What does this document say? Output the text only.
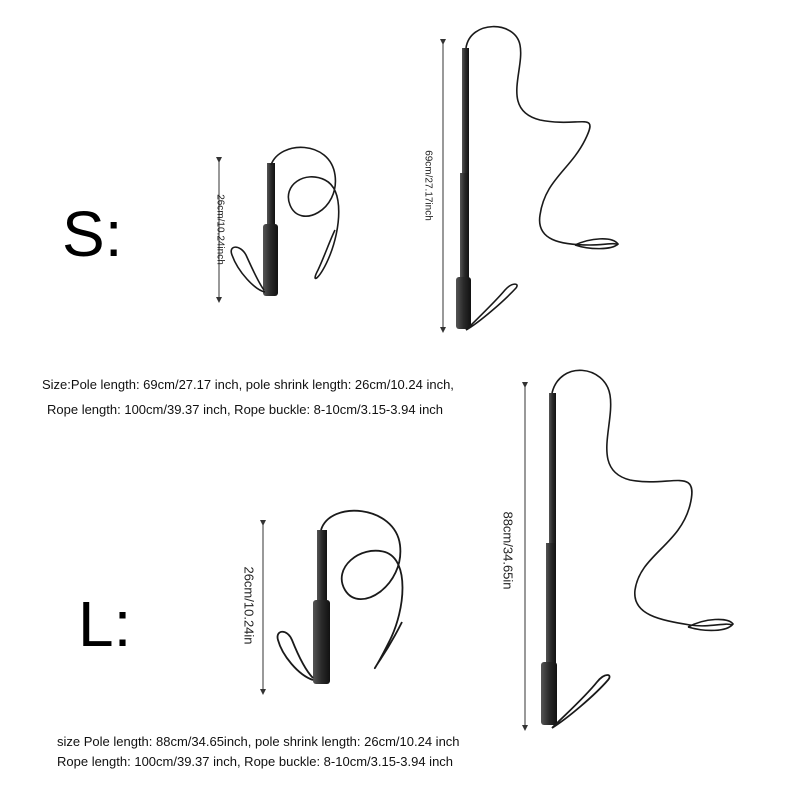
S:
L:
26cm/10.24inch
69cm/27.17inch
26cm/10.24in
88cm/34.65in
Size:Pole length: 69cm/27.17 inch, pole shrink length: 26cm/10.24 inch,
Rope length: 100cm/39.37 inch, Rope buckle: 8-10cm/3.15-3.94 inch
size Pole length: 88cm/34.65inch, pole shrink length: 26cm/10.24 inch
Rope length: 100cm/39.37 inch, Rope buckle: 8-10cm/3.15-3.94 inch
